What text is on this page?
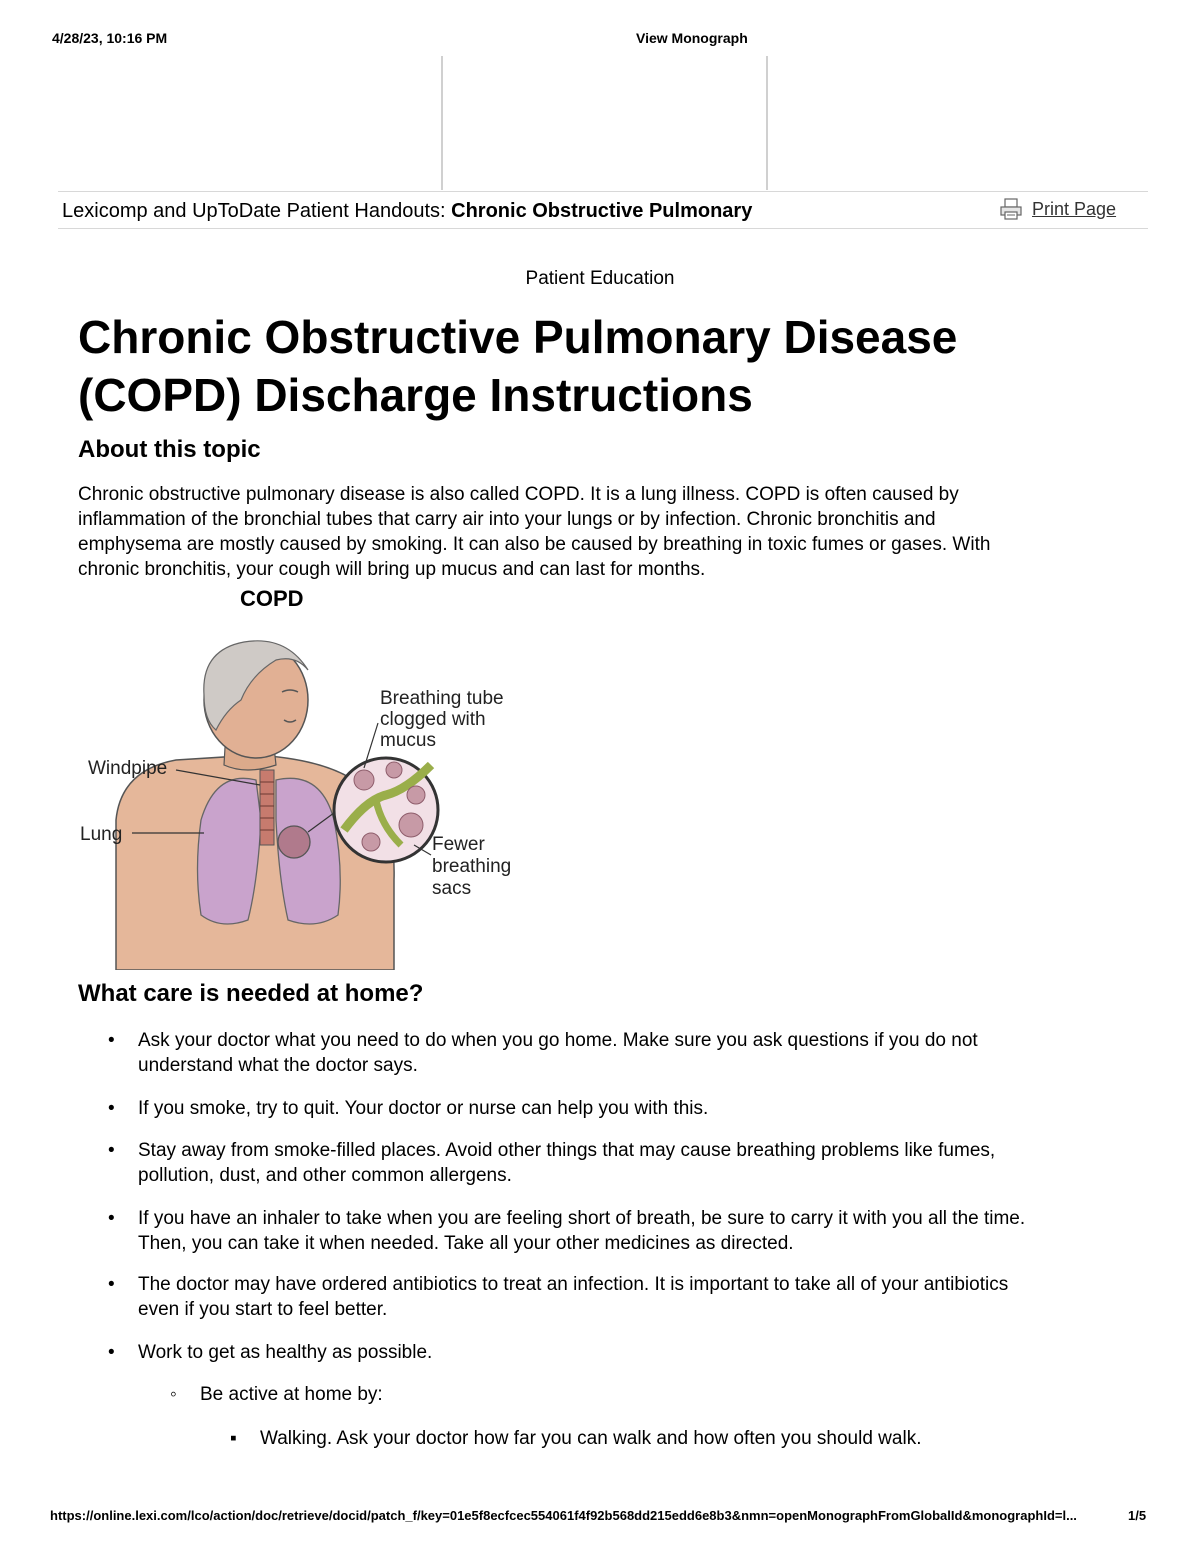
4/28/23, 10:16 PM	View Monograph
Lexicomp and UpToDate Patient Handouts: Chronic Obstructive Pulmonary	Print Page
Patient Education
Chronic Obstructive Pulmonary Disease
(COPD) Discharge Instructions
About this topic
Chronic obstructive pulmonary disease is also called COPD. It is a lung illness. COPD is often caused by
inflammation of the bronchial tubes that carry air into your lungs or by infection. Chronic bronchitis and
emphysema are mostly caused by smoking. It can also be caused by breathing in toxic fumes or gases. With
chronic bronchitis, your cough will bring up mucus and can last for months.
COPD
Breathing tube
clogged with
mucus
Windpipe
Lung	Fewer
breathing
sacs
What care is needed at home?
•	Ask your doctor what you need to do when you go home. Make sure you ask questions if you do not
understand what the doctor says.
•	If you smoke, try to quit. Your doctor or nurse can help you with this.
•	Stay away from smoke-filled places. Avoid other things that may cause breathing problems like fumes,
pollution, dust, and other common allergens.
•	If you have an inhaler to take when you are feeling short of breath, be sure to carry it with you all the time.
Then, you can take it when needed. Take all your other medicines as directed.
•	The doctor may have ordered antibiotics to treat an infection. It is important to take all of your antibiotics
even if you start to feel better.
•	Work to get as healthy as possible.
◦	Be active at home by:
▪	Walking. Ask your doctor how far you can walk and how often you should walk.
https://online.lexi.com/lco/action/doc/retrieve/docid/patch_f/key=01e5f8ecfcec554061f4f92b568dd215edd6e8b3&nmn=openMonographFromGlobalId&monographId=l...	1/5
